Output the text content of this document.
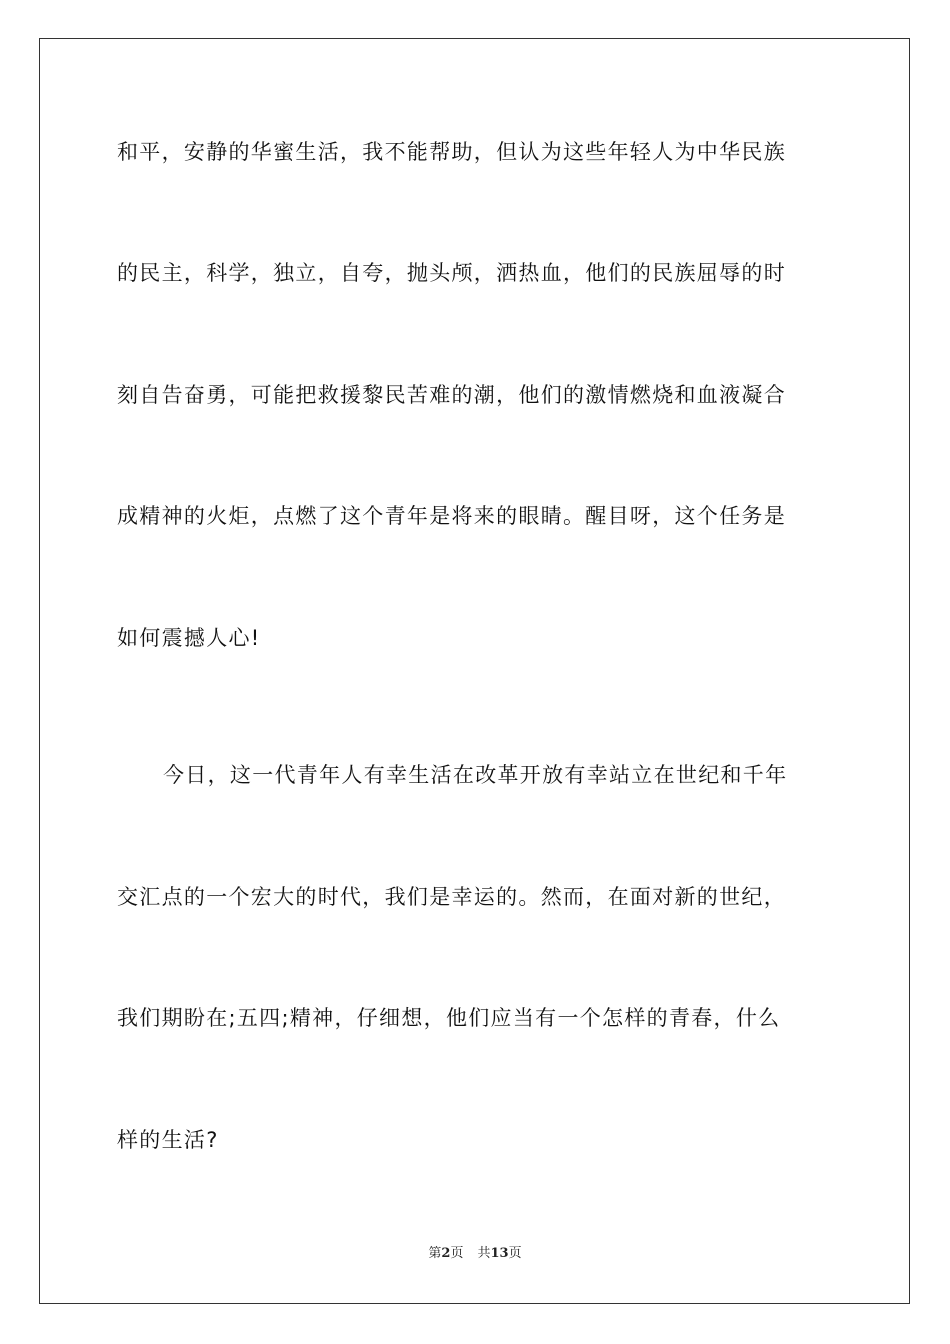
和平，安静的华蜜生活，我不能帮助，但认为这些年轻人为中华民族
的民主，科学，独立，自夸，抛头颅，洒热血，他们的民族屈辱的时
刻自告奋勇，可能把救援黎民苦难的潮，他们的激情燃烧和血液凝合
成精神的火炬，点燃了这个青年是将来的眼睛。醒目呀，这个任务是
如何震撼人心!
今日，这一代青年人有幸生活在改革开放有幸站立在世纪和千年
交汇点的一个宏大的时代，我们是幸运的。然而，在面对新的世纪，
我们期盼在;五四;精神，仔细想，他们应当有一个怎样的青春，什么
样的生活?
第2页 共13页
